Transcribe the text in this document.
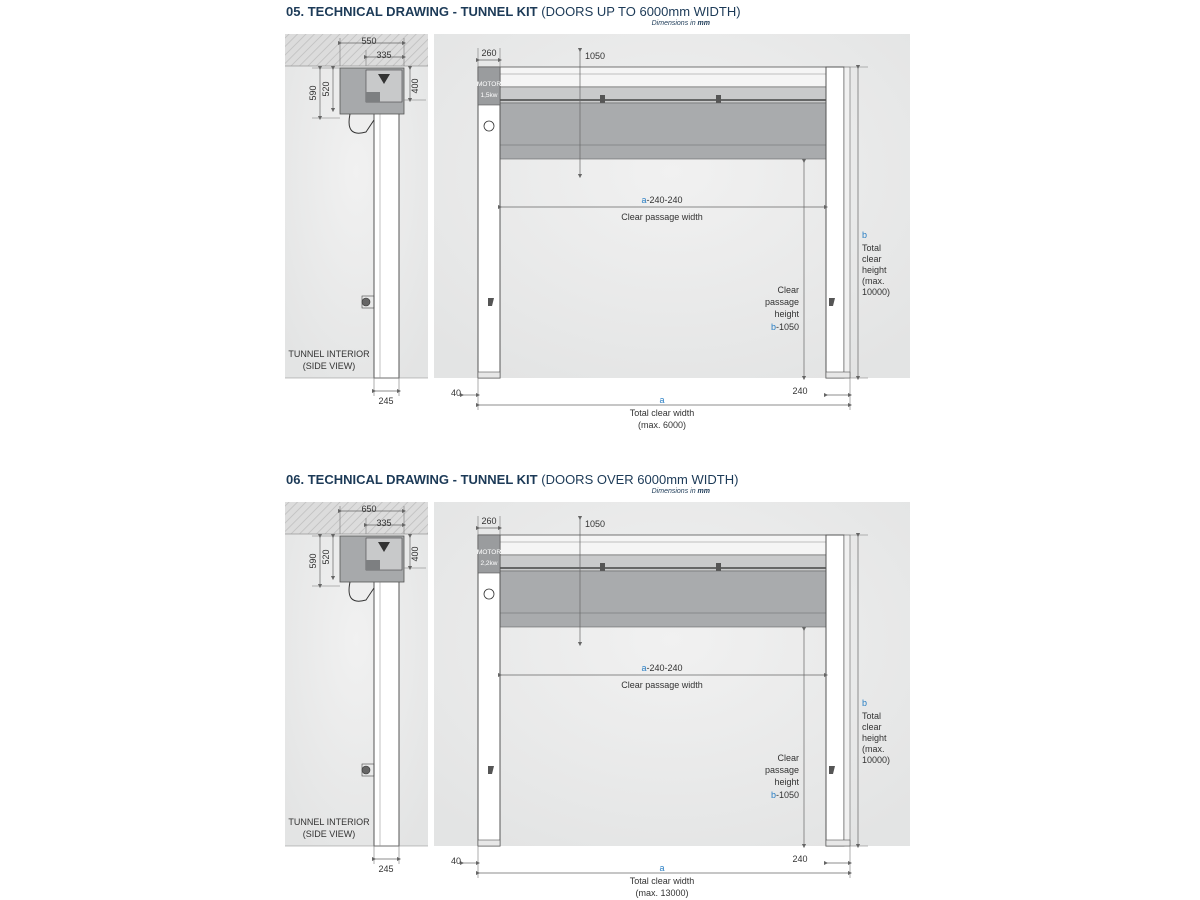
05. TECHNICAL DRAWING - TUNNEL KIT (DOORS UP TO 6000mm WIDTH)
Dimensions in mm
550
335
590 520	400
245
TUNNEL INTERIOR
(SIDE VIEW)
MOTOR
1,5kw
260	1050
a-240-240
Clear passage width
Clear
passage
height
b-1050
b
Total
clear
height
(max.
10000)
40	240
a
Total clear width
(max. 6000)
06. TECHNICAL DRAWING - TUNNEL KIT (DOORS OVER 6000mm WIDTH)
Dimensions in mm
650
335
590 520	400
245
TUNNEL INTERIOR
(SIDE VIEW)
MOTOR
2,2kw
260	1050
a-240-240
Clear passage width
Clear
passage
height
b-1050
b
Total
clear
height
(max.
10000)
40	240
a
Total clear width
(max. 13000)
